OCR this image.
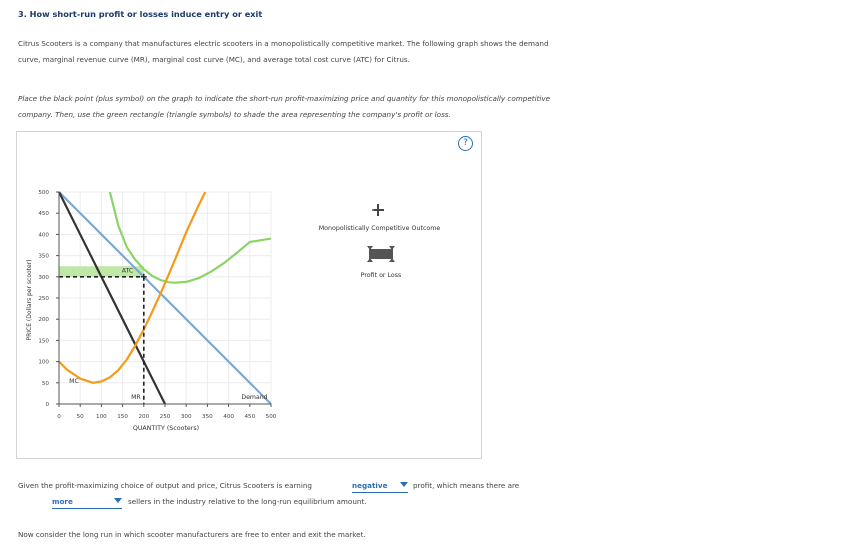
3. How short-run profit or losses induce entry or exit
Citrus Scooters is a company that manufactures electric scooters in a monopolistically competitive market. The following graph shows the demand
curve, marginal revenue curve (MR), marginal cost curve (MC), and average total cost curve (ATC) for Citrus.
Place the black point (plus symbol) on the graph to indicate the short-run profit-maximizing price and quantity for this monopolistically competitive
company. Then, use the green rectangle (triangle symbols) to shade the area representing the company's profit or loss.
?
0	50 100 150 200 250 300 350 400 450 500
0
50
100
150
200
250
300
350
400
450
500
QUANTITY (Scooters)
PRICE (Dollars per scooter)
Demand
MR
ATC
MC
Monopolistically Competitive Outcome
Profit or Loss
Given the profit-maximizing choice of output and price, Citrus Scooters is earning	negative	profit, which means there are
more	sellers in the industry relative to the long-run equilibrium amount.
Now consider the long run in which scooter manufacturers are free to enter and exit the market.
